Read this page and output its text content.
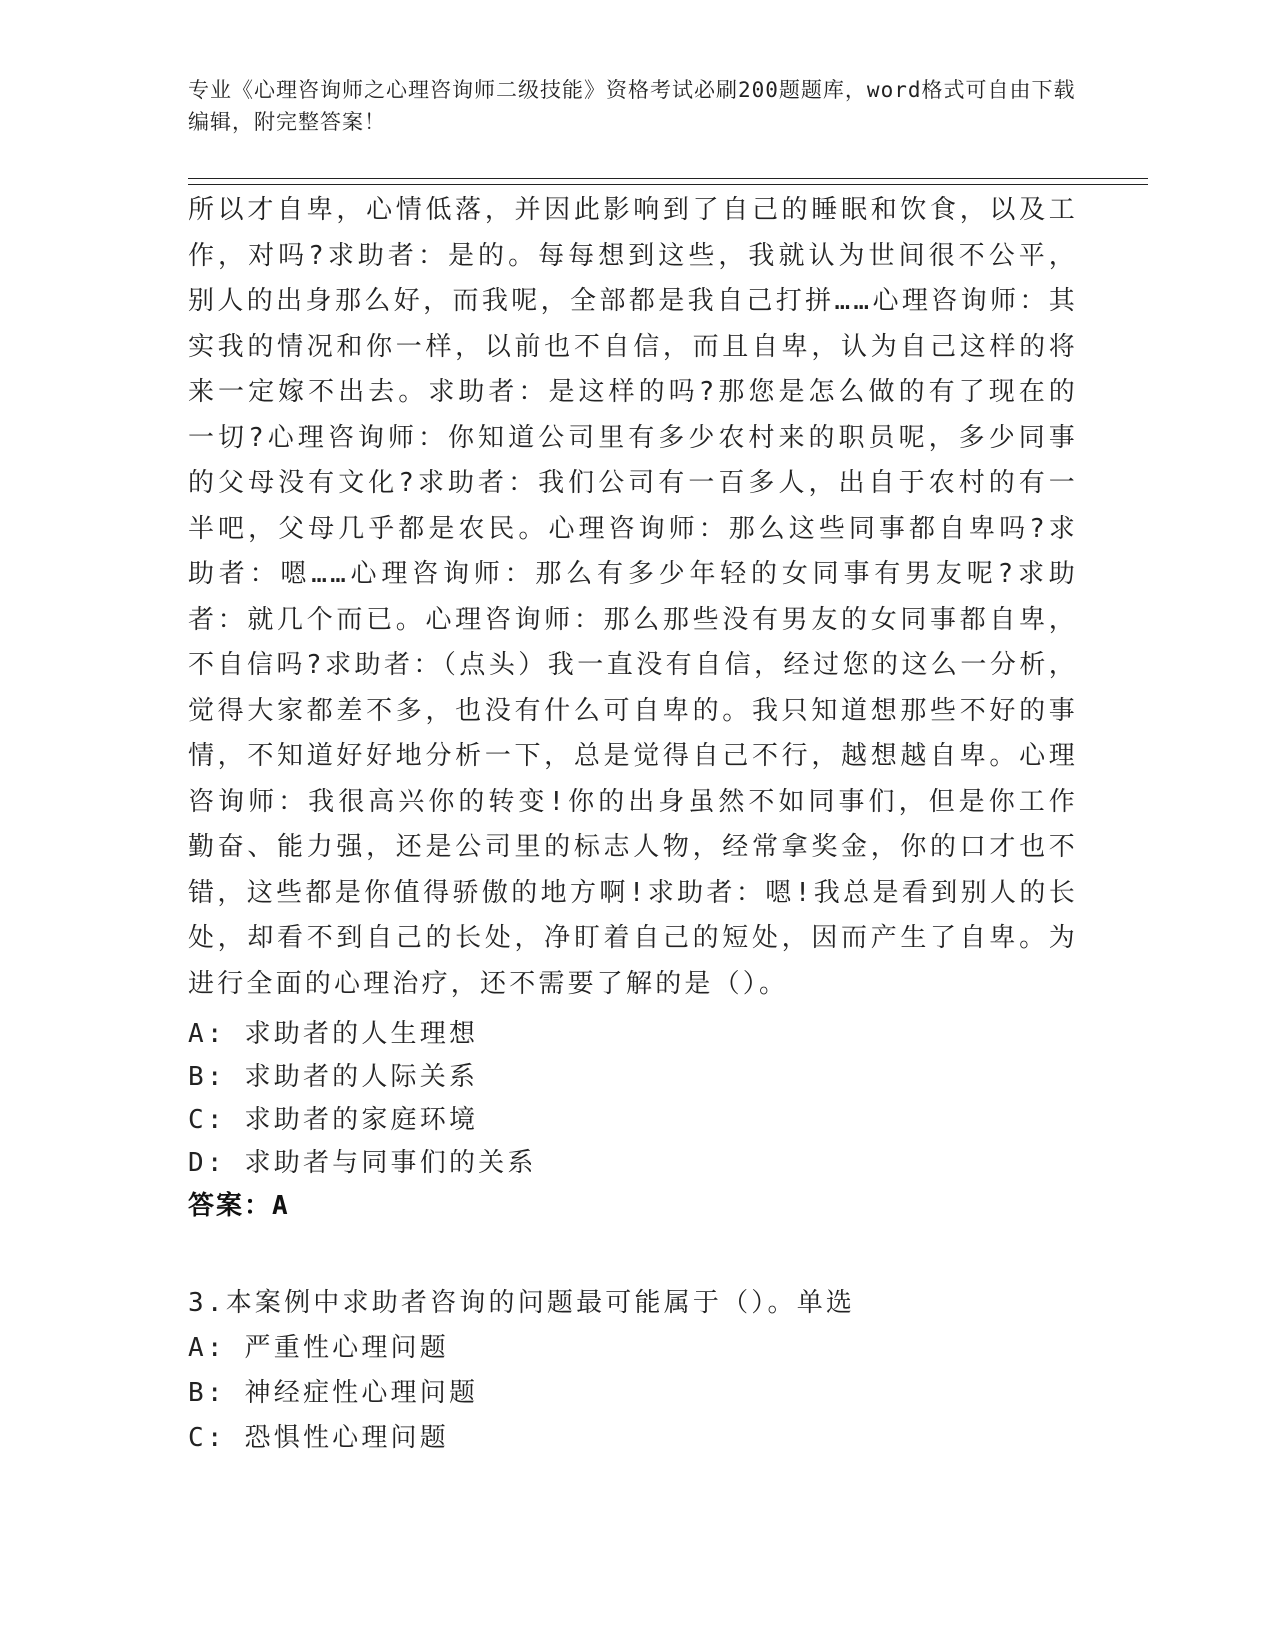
专业《心理咨询师之心理咨询师二级技能》资格考试必刷200题题库，word格式可自由下载编辑，附完整答案！
所以才自卑，心情低落，并因此影响到了自己的睡眠和饮食，以及工作，对吗?求助者：是的。每每想到这些，我就认为世间很不公平，别人的出身那么好，而我呢，全部都是我自己打拼……心理咨询师：其实我的情况和你一样，以前也不自信，而且自卑，认为自己这样的将来一定嫁不出去。求助者：是这样的吗?那您是怎么做的有了现在的一切?心理咨询师：你知道公司里有多少农村来的职员呢，多少同事的父母没有文化?求助者：我们公司有一百多人，出自于农村的有一半吧，父母几乎都是农民。心理咨询师：那么这些同事都自卑吗?求助者：嗯……心理咨询师：那么有多少年轻的女同事有男友呢?求助者：就几个而已。心理咨询师：那么那些没有男友的女同事都自卑，不自信吗?求助者：（点头）我一直没有自信，经过您的这么一分析，觉得大家都差不多，也没有什么可自卑的。我只知道想那些不好的事情，不知道好好地分析一下，总是觉得自己不行，越想越自卑。心理咨询师：我很高兴你的转变!你的出身虽然不如同事们，但是你工作勤奋、能力强，还是公司里的标志人物，经常拿奖金，你的口才也不错，这些都是你值得骄傲的地方啊!求助者：嗯!我总是看到别人的长处，却看不到自己的长处，净盯着自己的短处，因而产生了自卑。为进行全面的心理治疗，还不需要了解的是（）。
A: 求助者的人生理想
B: 求助者的人际关系
C: 求助者的家庭环境
D: 求助者与同事们的关系
答案：A
3.本案例中求助者咨询的问题最可能属于（）。单选
A: 严重性心理问题
B: 神经症性心理问题
C: 恐惧性心理问题
